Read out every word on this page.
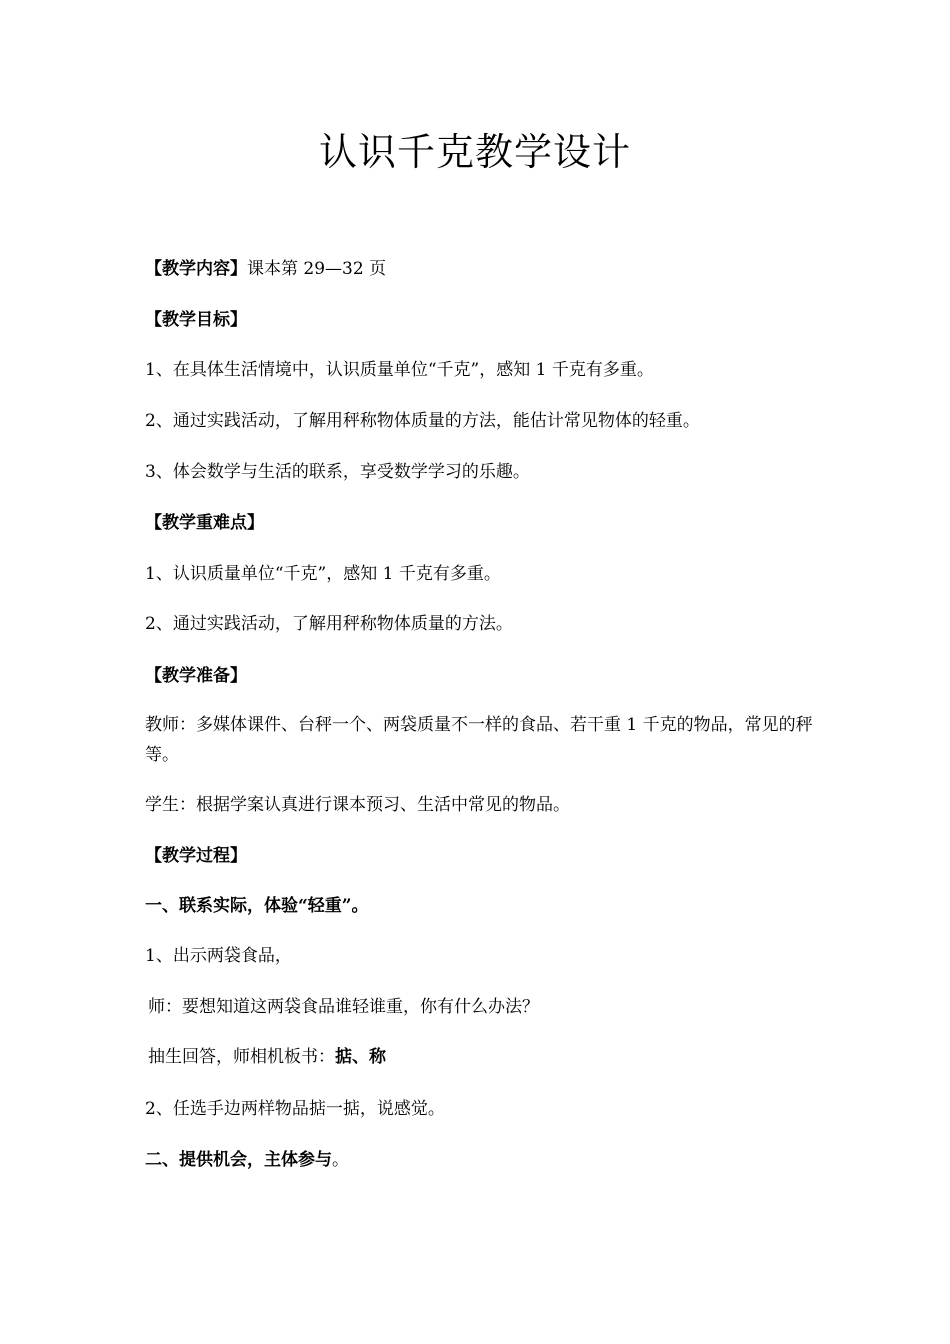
认识千克教学设计
【教学内容】课本第 29—32 页
【教学目标】
1、在具体生活情境中，认识质量单位“千克”，感知 1 千克有多重。
2、通过实践活动，了解用秤称物体质量的方法，能估计常见物体的轻重。
3、体会数学与生活的联系，享受数学学习的乐趣。
【教学重难点】
1、认识质量单位“千克”，感知 1 千克有多重。
2、通过实践活动，了解用秤称物体质量的方法。
【教学准备】
教师：多媒体课件、台秤一个、两袋质量不一样的食品、若干重 1 千克的物品，常见的秤等。
学生：根据学案认真进行课本预习、生活中常见的物品。
【教学过程】
一、联系实际，体验“轻重”。
1、出示两袋食品，
师：要想知道这两袋食品谁轻谁重，你有什么办法？
抽生回答，师相机板书：掂、称
2、任选手边两样物品掂一掂，说感觉。
二、提供机会，主体参与。
